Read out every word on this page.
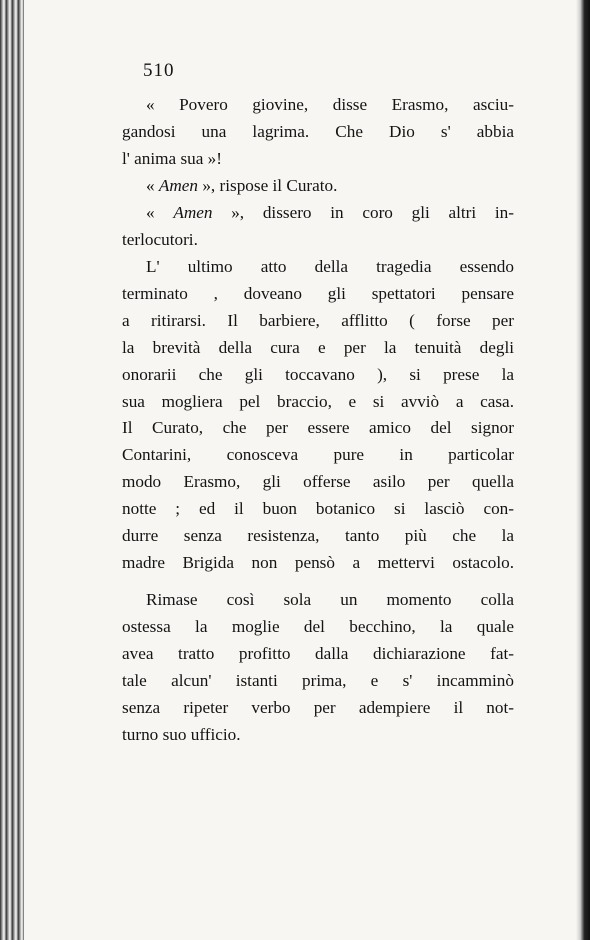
510
« Povero giovine, disse Erasmo, asciu-
gandosi una lagrima. Che Dio s' abbia
l' anima sua »!
« Amen », rispose il Curato.
« Amen », dissero in coro gli altri in-
terlocutori.
L' ultimo atto della tragedia essendo
terminato , doveano gli spettatori pensare
a ritirarsi. Il barbiere, afflitto ( forse per
la brevità della cura e per la tenuità degli
onorarii che gli toccavano ), si prese la
sua mogliera pel braccio, e si avviò a casa.
Il Curato, che per essere amico del signor
Contarini, conosceva pure in particolar
modo Erasmo, gli offerse asilo per quella
notte ; ed il buon botanico si lasciò con-
durre senza resistenza, tanto più che la
madre Brigida non pensò a mettervi ostacolo.
Rimase così sola un momento colla
ostessa la moglie del becchino, la quale
avea tratto profitto dalla dichiarazione fat-
tale alcun' istanti prima, e s' incamminò
senza ripeter verbo per adempiere il not-
turno suo ufficio.
